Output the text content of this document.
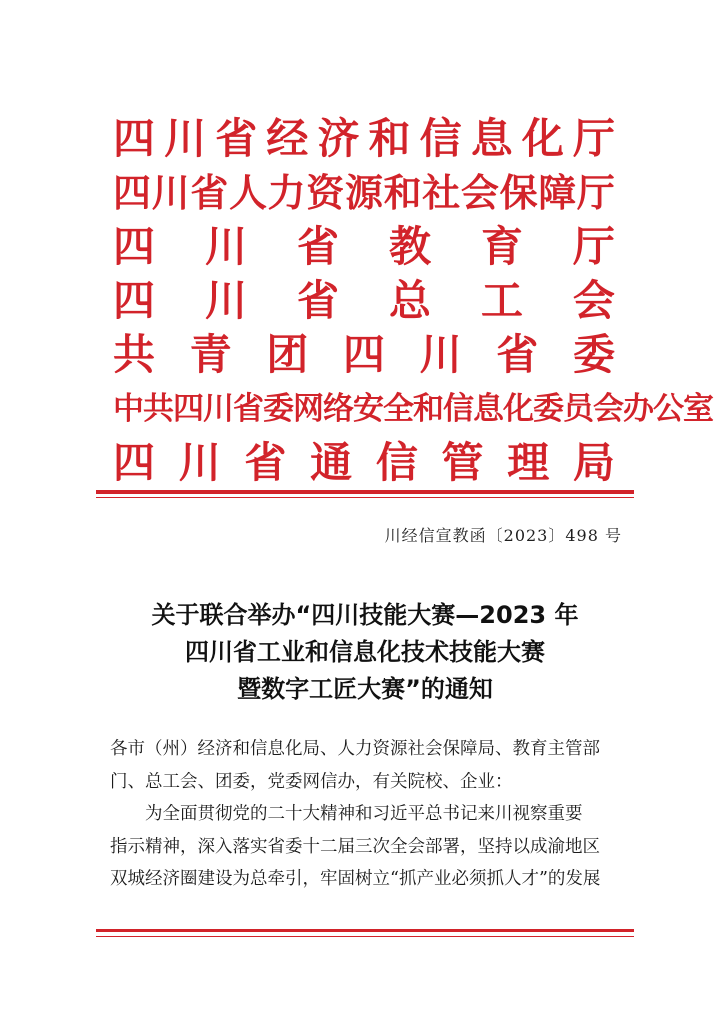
四 川 省 经 济 和 信 息 化 厅
四 川 省 人 力 资 源 和 社 会 保 障 厅
四 川 省 教 育 厅
四 川 省 总 工 会
共 青 团 四 川 省 委
中 共 四 川 省 委 网 络 安 全 和 信 息 化 委 员 会 办 公 室
四 川 省 通 信 管 理 局
川经信宣教函〔2023〕498 号
关于联合举办“四川技能大赛—2023 年
四川省工业和信息化技术技能大赛
暨数字工匠大赛”的通知

各市（州）经济和信息化局、人力资源社会保障局、教育主管部

门、总工会、团委，党委网信办，有关院校、企业：

为全面贯彻党的二十大精神和习近平总书记来川视察重要

指示精神，深入落实省委十二届三次全会部署，坚持以成渝地区

双城经济圈建设为总牵引，牢固树立“抓产业必须抓人才”的发展
